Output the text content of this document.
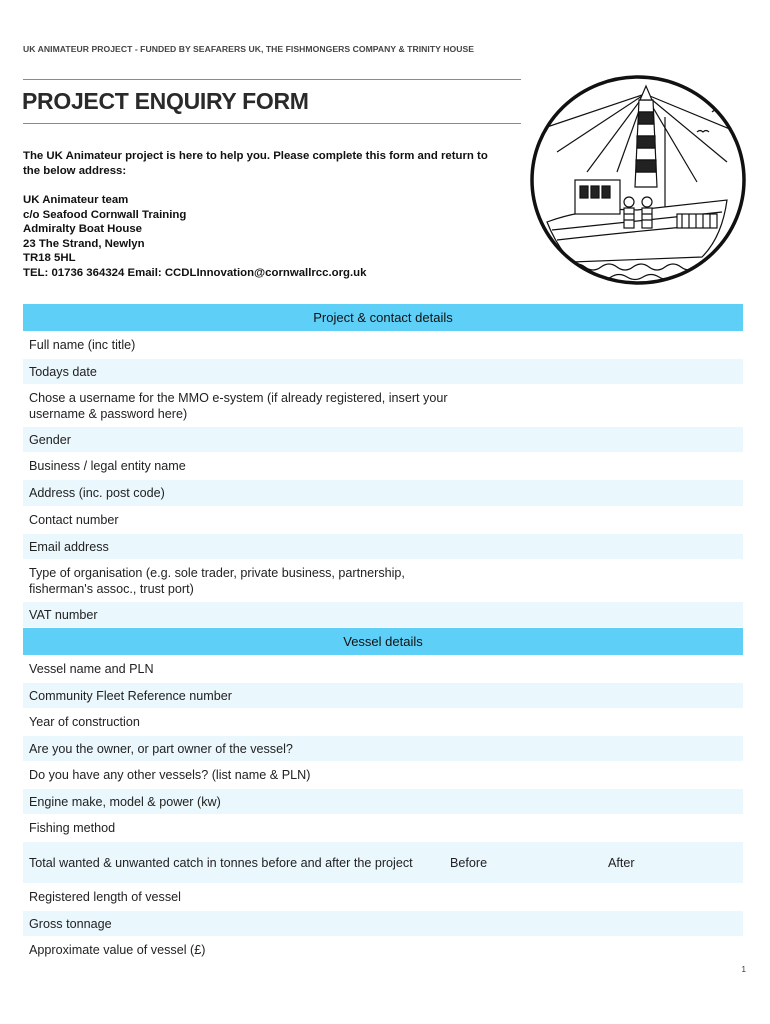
UK ANIMATEUR PROJECT - FUNDED BY SEAFARERS UK, THE FISHMONGERS COMPANY & TRINITY HOUSE
PROJECT ENQUIRY FORM
The UK Animateur project is here to help you. Please complete this form and return to the below address:
UK Animateur team
c/o Seafood Cornwall Training
Admiralty Boat House
23 The Strand, Newlyn
TR18 5HL
TEL: 01736 364324 Email: CCDLInnovation@cornwallrcc.org.uk
Project & contact details
Full name (inc title)
Todays date
Chose a username for the MMO e-system (if already registered, insert your username & password here)
Gender
Business / legal entity name
Address (inc. post code)
Contact number
Email address
Type of organisation (e.g. sole trader, private business, partnership, fisherman's assoc., trust port)
VAT number
Vessel details
Vessel name and PLN
Community Fleet Reference number
Year of construction
Are you the owner, or part owner of the vessel?
Do you have any other vessels? (list name & PLN)
Engine make, model & power (kw)
Fishing method
Total wanted & unwanted catch in tonnes before and after the project	Before	After
Registered length of vessel
Gross tonnage
Approximate value of vessel (£)
1
